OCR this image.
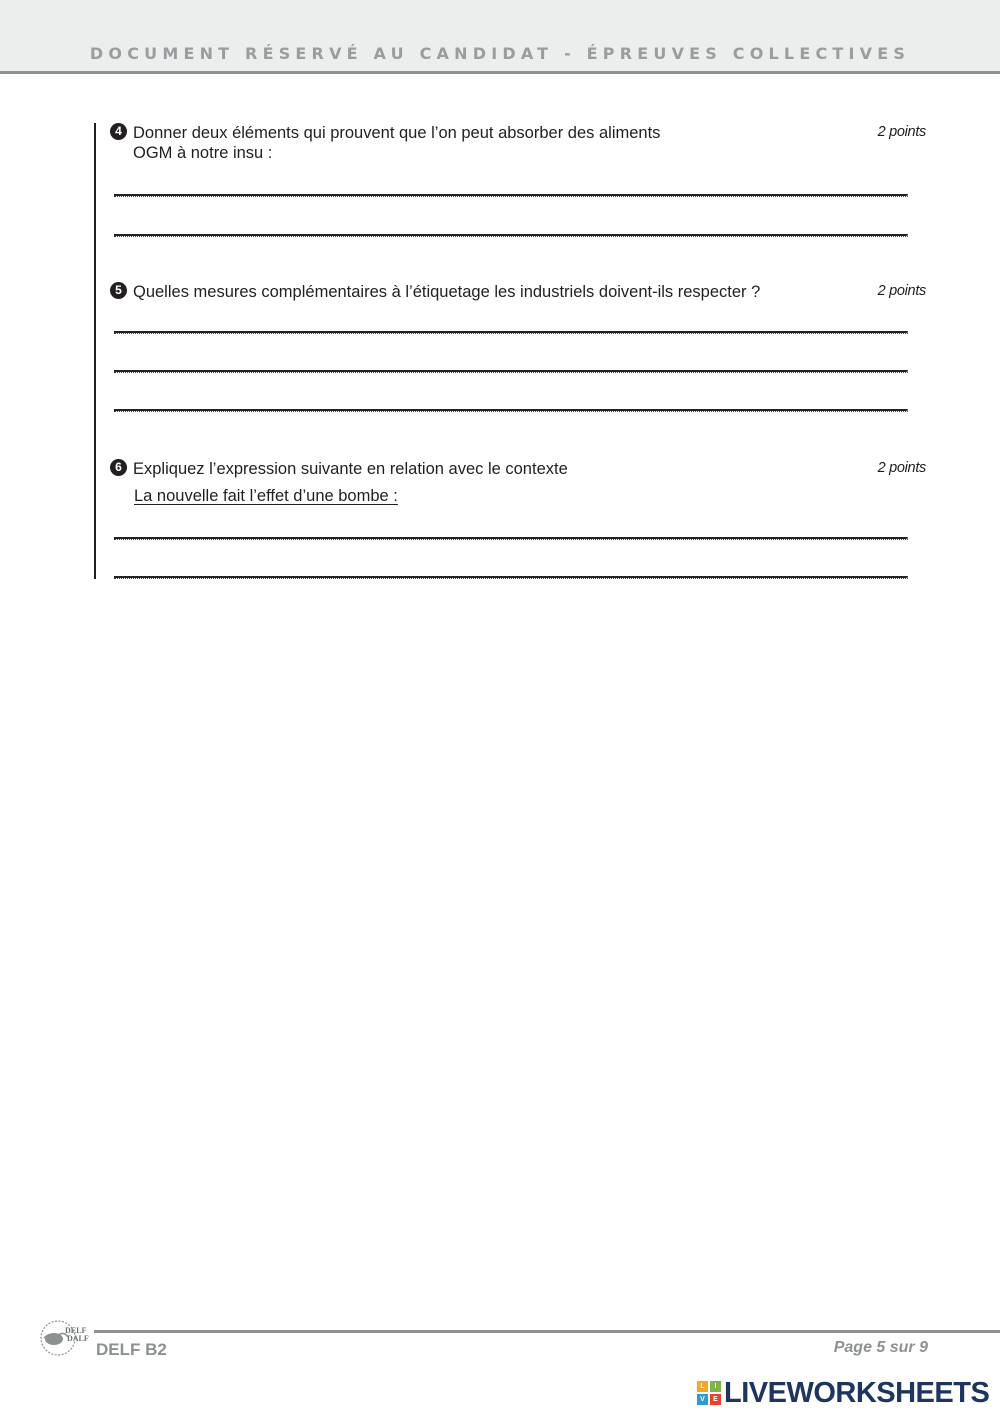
DOCUMENT RÉSERVÉ AU CANDIDAT - ÉPREUVES COLLECTIVES
4 Donner deux éléments qui prouvent que l’on peut absorber des aliments
OGM à notre insu :
2 points
5 Quelles mesures complémentaires à l’étiquetage les industriels doivent-ils respecter ?	2 points
6 Expliquez l’expression suivante en relation avec le contexte
La nouvelle fait l’effet d’une bombe :
2 points
DELF
DALF
DELF B2	Page 5 sur 9
L	I
V	E LIVEWORKSHEETS
